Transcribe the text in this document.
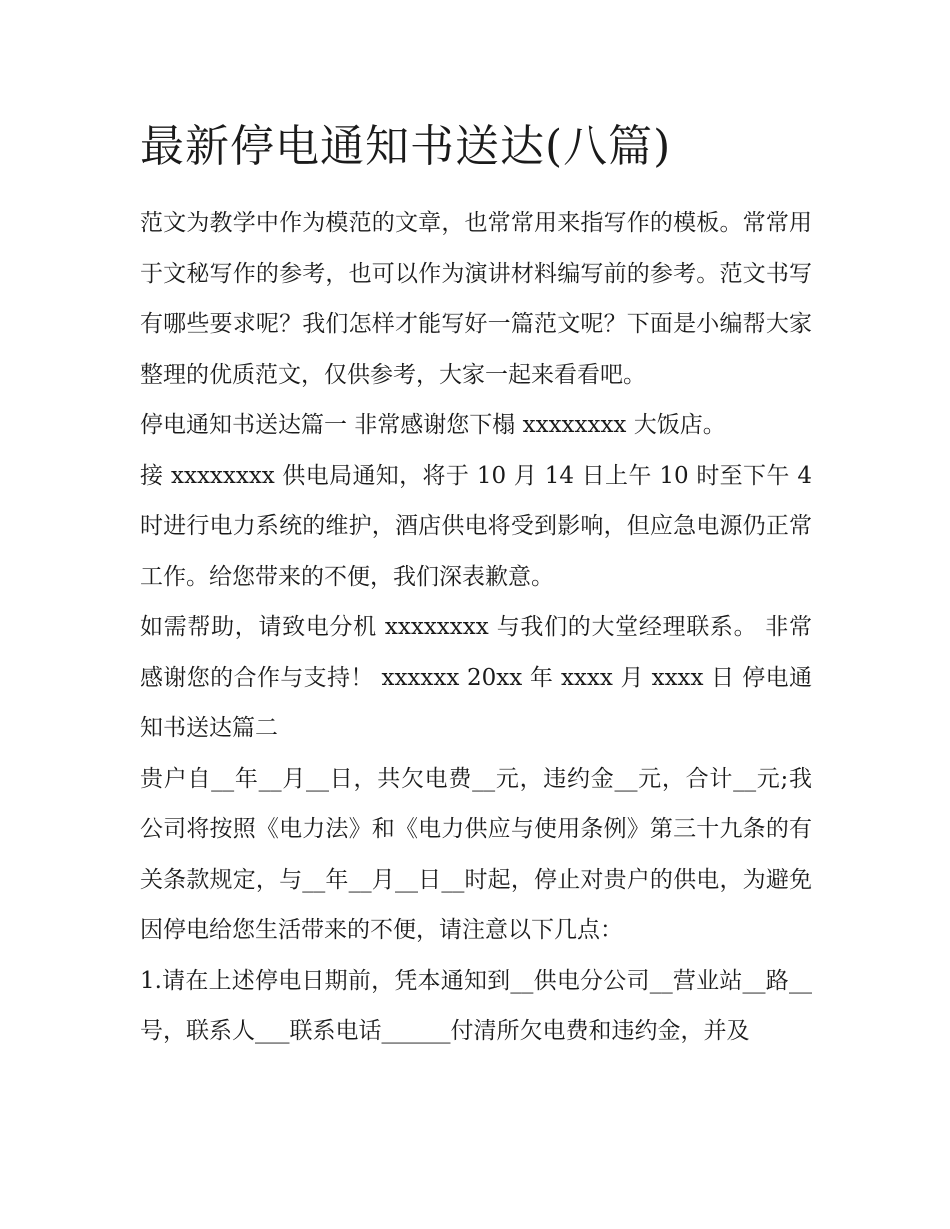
最新停电通知书送达(八篇)

范文为教学中作为模范的文章，也常常用来指写作的模板。常常用于文秘写作的参考，也可以作为演讲材料编写前的参考。范文书写有哪些要求呢？我们怎样才能写好一篇范文呢？下面是小编帮大家整理的优质范文，仅供参考，大家一起来看看吧。

停电通知书送达篇一 非常感谢您下榻 xxxxxxxx 大饭店。

接 xxxxxxxx 供电局通知，将于 10 月 14 日上午 10 时至下午 4 时进行电力系统的维护，酒店供电将受到影响，但应急电源仍正常工作。给您带来的不便，我们深表歉意。

如需帮助，请致电分机 xxxxxxxx 与我们的大堂经理联系。 非常感谢您的合作与支持！ xxxxxx 20xx 年 xxxx 月 xxxx 日 停电通知书送达篇二

贵户自__年__月__日，共欠电费__元，违约金__元，合计__元;我公司将按照《电力法》和《电力供应与使用条例》第三十九条的有关条款规定，与__年__月__日__时起，停止对贵户的供电，为避免因停电给您生活带来的不便，请注意以下几点：

1.请在上述停电日期前，凭本通知到__供电分公司__营业站__路__号，联系人___联系电话______付清所欠电费和违约金，并及
